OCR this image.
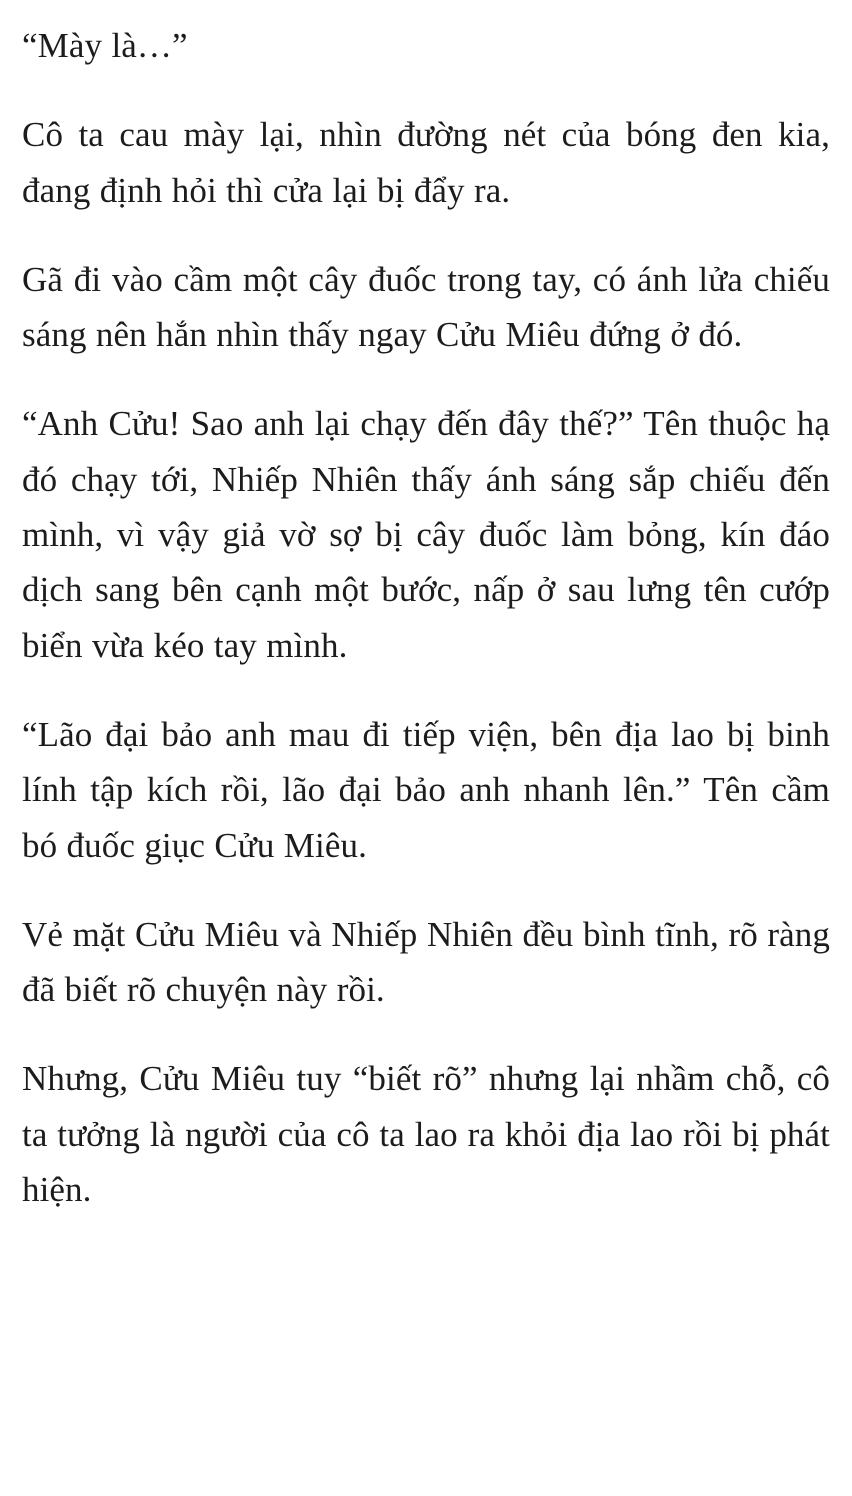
“Mày là…”

Cô ta cau mày lại, nhìn đường nét của bóng đen kia, đang định hỏi thì cửa lại bị đẩy ra.

Gã đi vào cầm một cây đuốc trong tay, có ánh lửa chiếu sáng nên hắn nhìn thấy ngay Cửu Miêu đứng ở đó.

“Anh Cửu! Sao anh lại chạy đến đây thế?” Tên thuộc hạ đó chạy tới, Nhiếp Nhiên thấy ánh sáng sắp chiếu đến mình, vì vậy giả vờ sợ bị cây đuốc làm bỏng, kín đáo dịch sang bên cạnh một bước, nấp ở sau lưng tên cướp biển vừa kéo tay mình.

“Lão đại bảo anh mau đi tiếp viện, bên địa lao bị binh lính tập kích rồi, lão đại bảo anh nhanh lên.” Tên cầm bó đuốc giục Cửu Miêu.

Vẻ mặt Cửu Miêu và Nhiếp Nhiên đều bình tĩnh, rõ ràng đã biết rõ chuyện này rồi.

Nhưng, Cửu Miêu tuy “biết rõ” nhưng lại nhầm chỗ, cô ta tưởng là người của cô ta lao ra khỏi địa lao rồi bị phát hiện.
